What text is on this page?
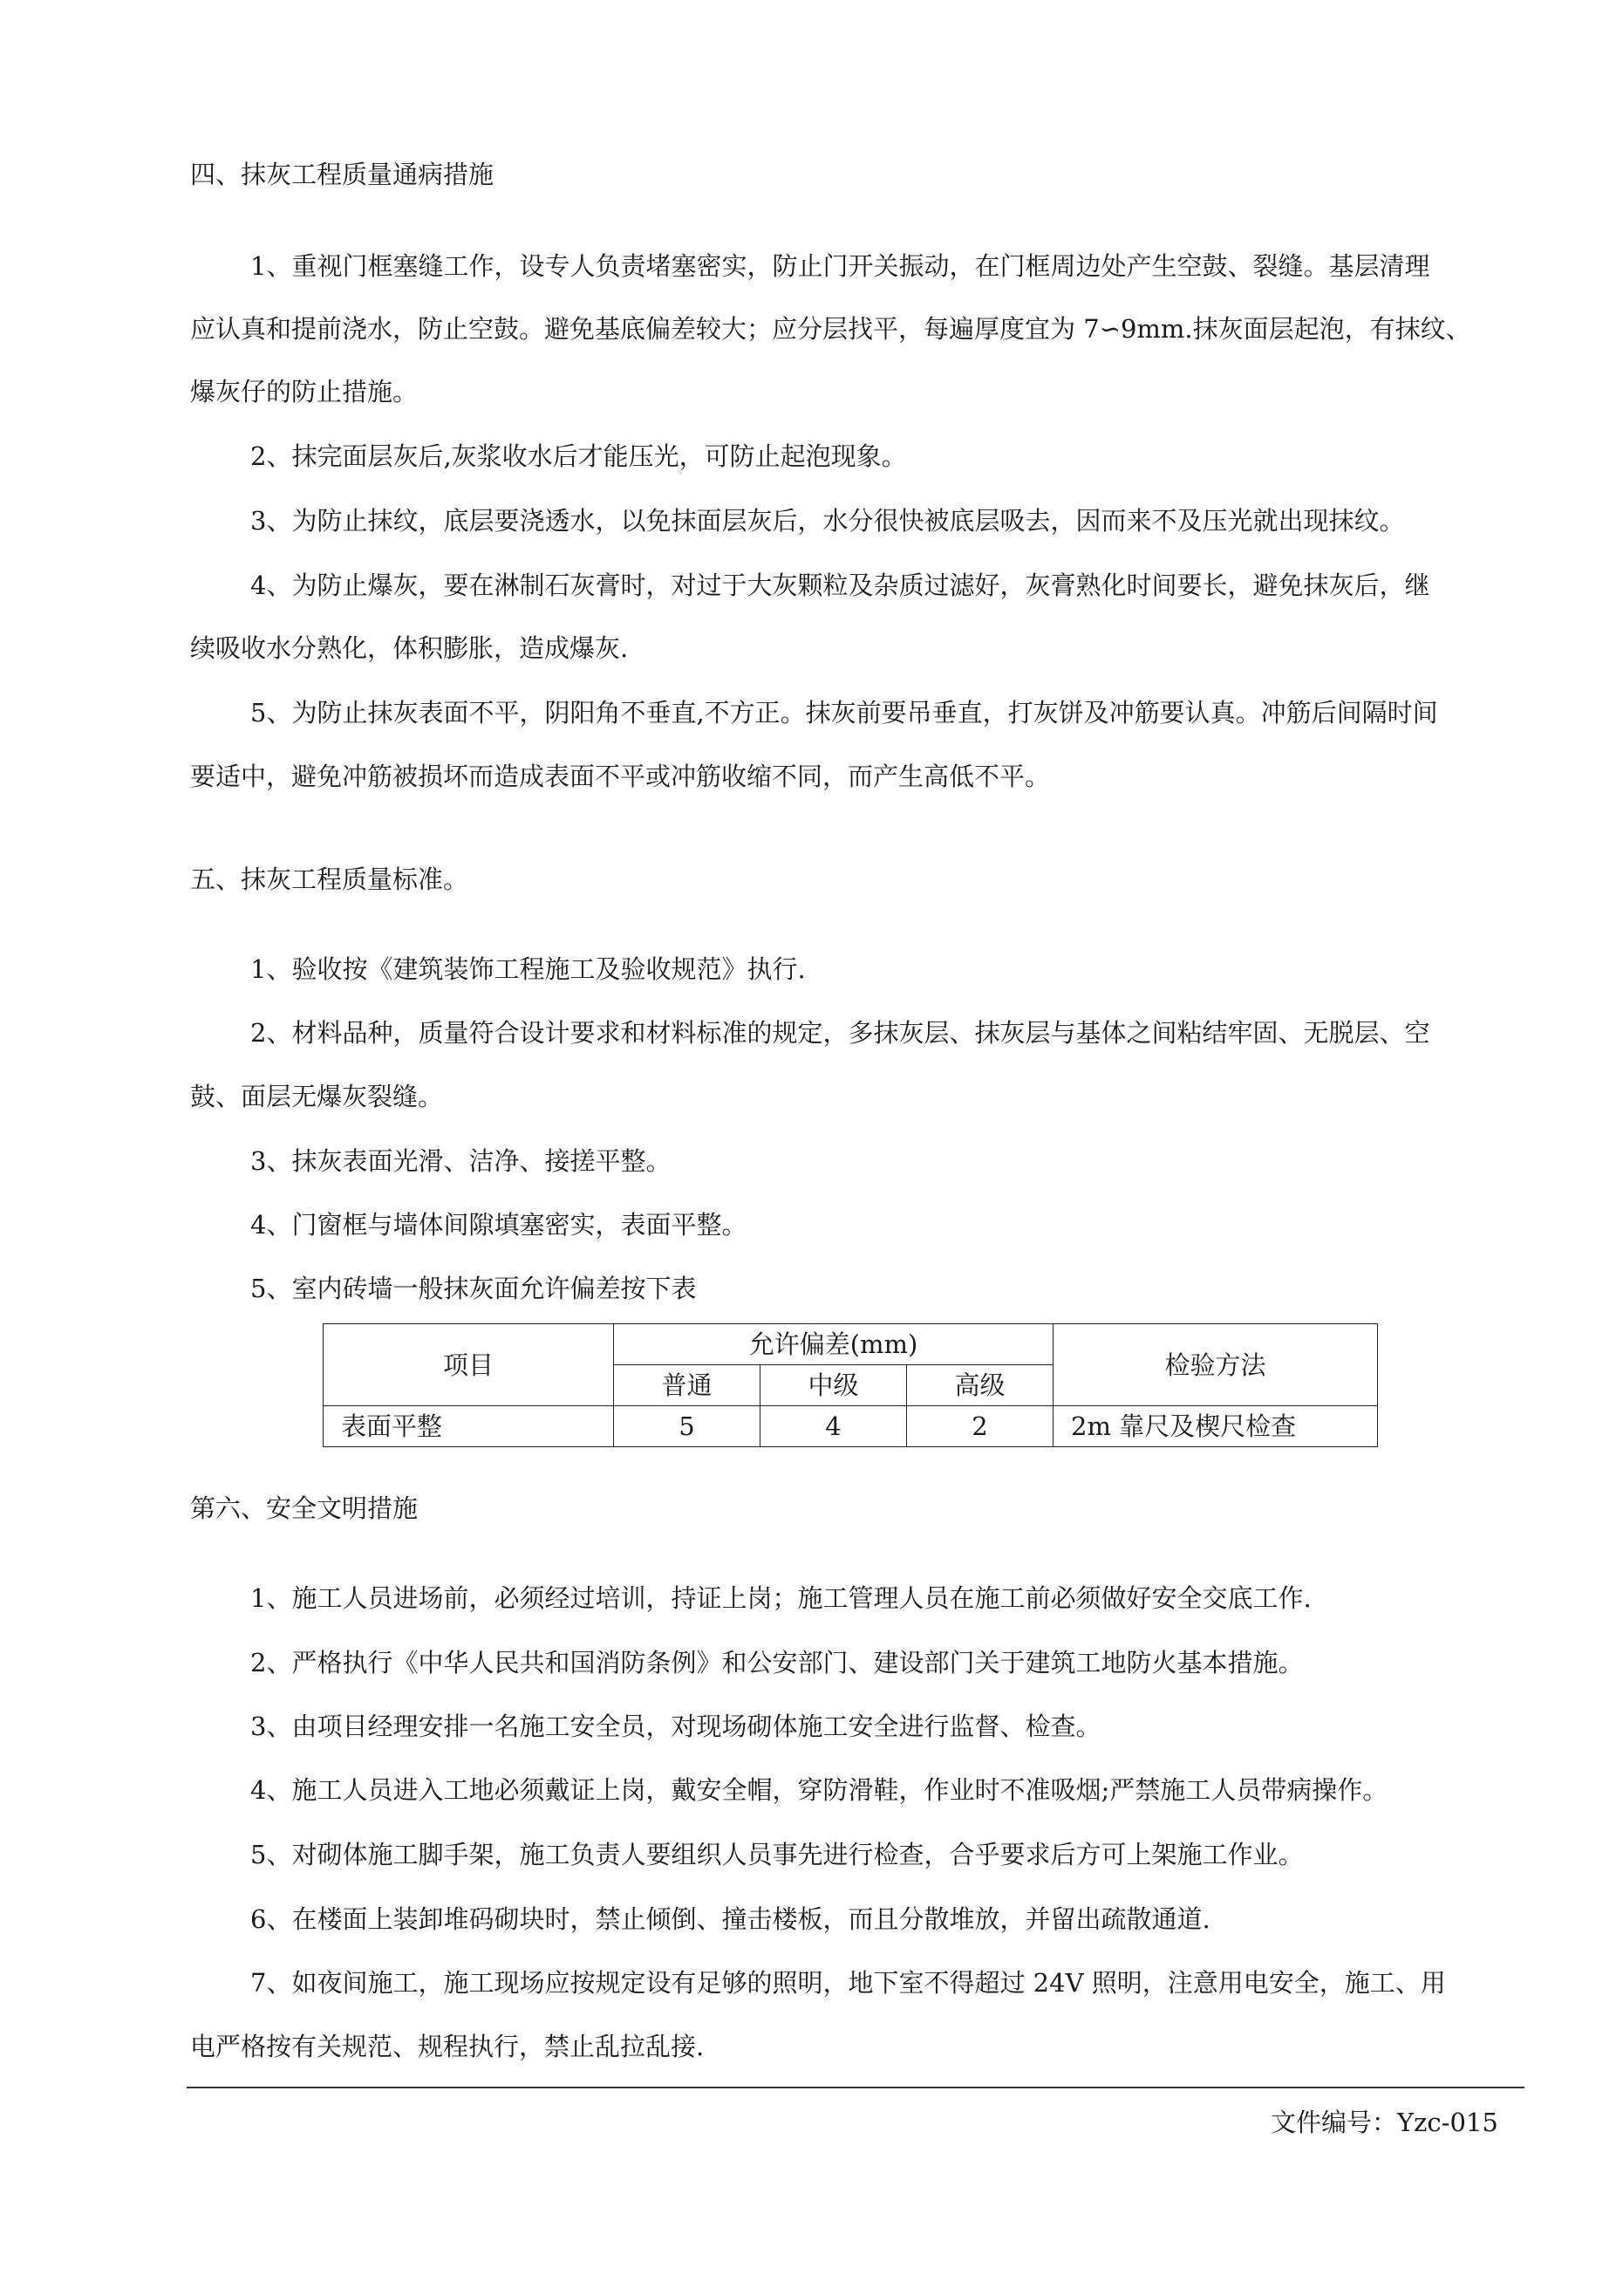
四、抹灰工程质量通病措施
1、重视门框塞缝工作，设专人负责堵塞密实，防止门开关振动，在门框周边处产生空鼓、裂缝。基层清理
应认真和提前浇水，防止空鼓。避免基底偏差较大；应分层找平，每遍厚度宜为 7∽9mm.抹灰面层起泡，有抹纹、
爆灰仔的防止措施。
2、抹完面层灰后,灰浆收水后才能压光，可防止起泡现象。
3、为防止抹纹，底层要浇透水，以免抹面层灰后，水分很快被底层吸去，因而来不及压光就出现抹纹。
4、为防止爆灰，要在淋制石灰膏时，对过于大灰颗粒及杂质过滤好，灰膏熟化时间要长，避免抹灰后，继
续吸收水分熟化，体积膨胀，造成爆灰.
5、为防止抹灰表面不平，阴阳角不垂直,不方正。抹灰前要吊垂直，打灰饼及冲筋要认真。冲筋后间隔时间
要适中，避免冲筋被损坏而造成表面不平或冲筋收缩不同，而产生高低不平。
五、抹灰工程质量标准。
1、验收按《建筑装饰工程施工及验收规范》执行.
2、材料品种，质量符合设计要求和材料标准的规定，多抹灰层、抹灰层与基体之间粘结牢固、无脱层、空
鼓、面层无爆灰裂缝。
3、抹灰表面光滑、洁净、接搓平整。
4、门窗框与墙体间隙填塞密实，表面平整。
5、室内砖墙一般抹灰面允许偏差按下表
项目	允许偏差(mm)			检验方法
	普通	中级	高级	
表面平整	5	4	2	2m 靠尺及楔尺检查
第六、安全文明措施
1、施工人员进场前，必须经过培训，持证上岗；施工管理人员在施工前必须做好安全交底工作.
2、严格执行《中华人民共和国消防条例》和公安部门、建设部门关于建筑工地防火基本措施。
3、由项目经理安排一名施工安全员，对现场砌体施工安全进行监督、检查。
4、施工人员进入工地必须戴证上岗，戴安全帽，穿防滑鞋，作业时不准吸烟;严禁施工人员带病操作。
5、对砌体施工脚手架，施工负责人要组织人员事先进行检查，合乎要求后方可上架施工作业。
6、在楼面上装卸堆码砌块时，禁止倾倒、撞击楼板，而且分散堆放，并留出疏散通道.
7、如夜间施工，施工现场应按规定设有足够的照明，地下室不得超过 24V 照明，注意用电安全，施工、用
电严格按有关规范、规程执行，禁止乱拉乱接.
文件编号：Yzc-015
